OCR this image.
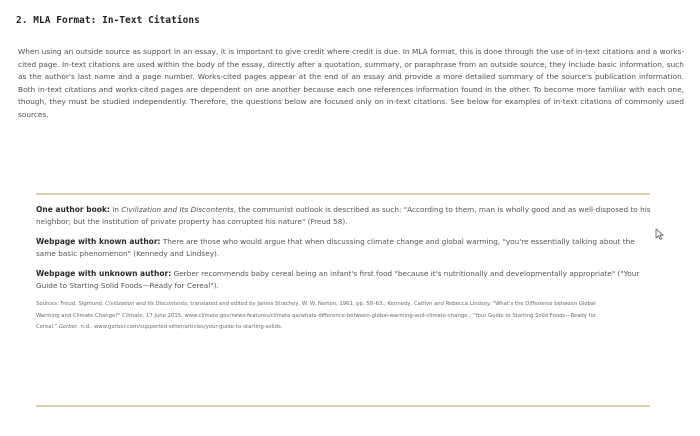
2. MLA Format: In-Text Citations

When using an outside source as support in an essay, it is important to give credit where credit is due. In MLA format, this is done through the use of in-text citations and a works-cited page. In-text citations are used within the body of the essay, directly after a quotation, summary, or paraphrase from an outside source; they include basic information, such as the author's last name and a page number. Works-cited pages appear at the end of an essay and provide a more detailed summary of the source's publication information. Both in-text citations and works-cited pages are dependent on one another because each one references information found in the other. To become more familiar with each one, though, they must be studied independently. Therefore, the questions below are focused only on in-text citations. See below for examples of in-text citations of commonly used sources.

One author book: In Civilization and Its Discontents, the communist outlook is described as such: "According to them, man is wholly good and as well-disposed to his neighbor; but the institution of private property has corrupted his nature" (Freud 58).

Webpage with known author: There are those who would argue that when discussing climate change and global warming, "you're essentially talking about the same basic phenomenon" (Kennedy and Lindsey).

Webpage with unknown author: Gerber recommends baby cereal being an infant's first food "because it's nutritionally and developmentally appropriate" ("Your Guide to Starting Solid Foods—Ready for Cereal").

Sources: Freud, Sigmund. Civilization and Its Discontents, translated and edited by James Strachey, W. W. Norton, 1961, pp. 58–63.; Kennedy, Caitlyn and Rebecca Lindsey. "What's the Difference between Global Warming and Climate Change?" Climate, 17 June 2015, www.climate.gov/news-features/climate-qa/whats-difference-between-global-warming-and-climate-change.; "Your Guide to Starting Solid Foods—Ready for Cereal." Gerber, n.d., www.gerber.com/supported-sitter/articles/your-guide-to-starting-solids.
